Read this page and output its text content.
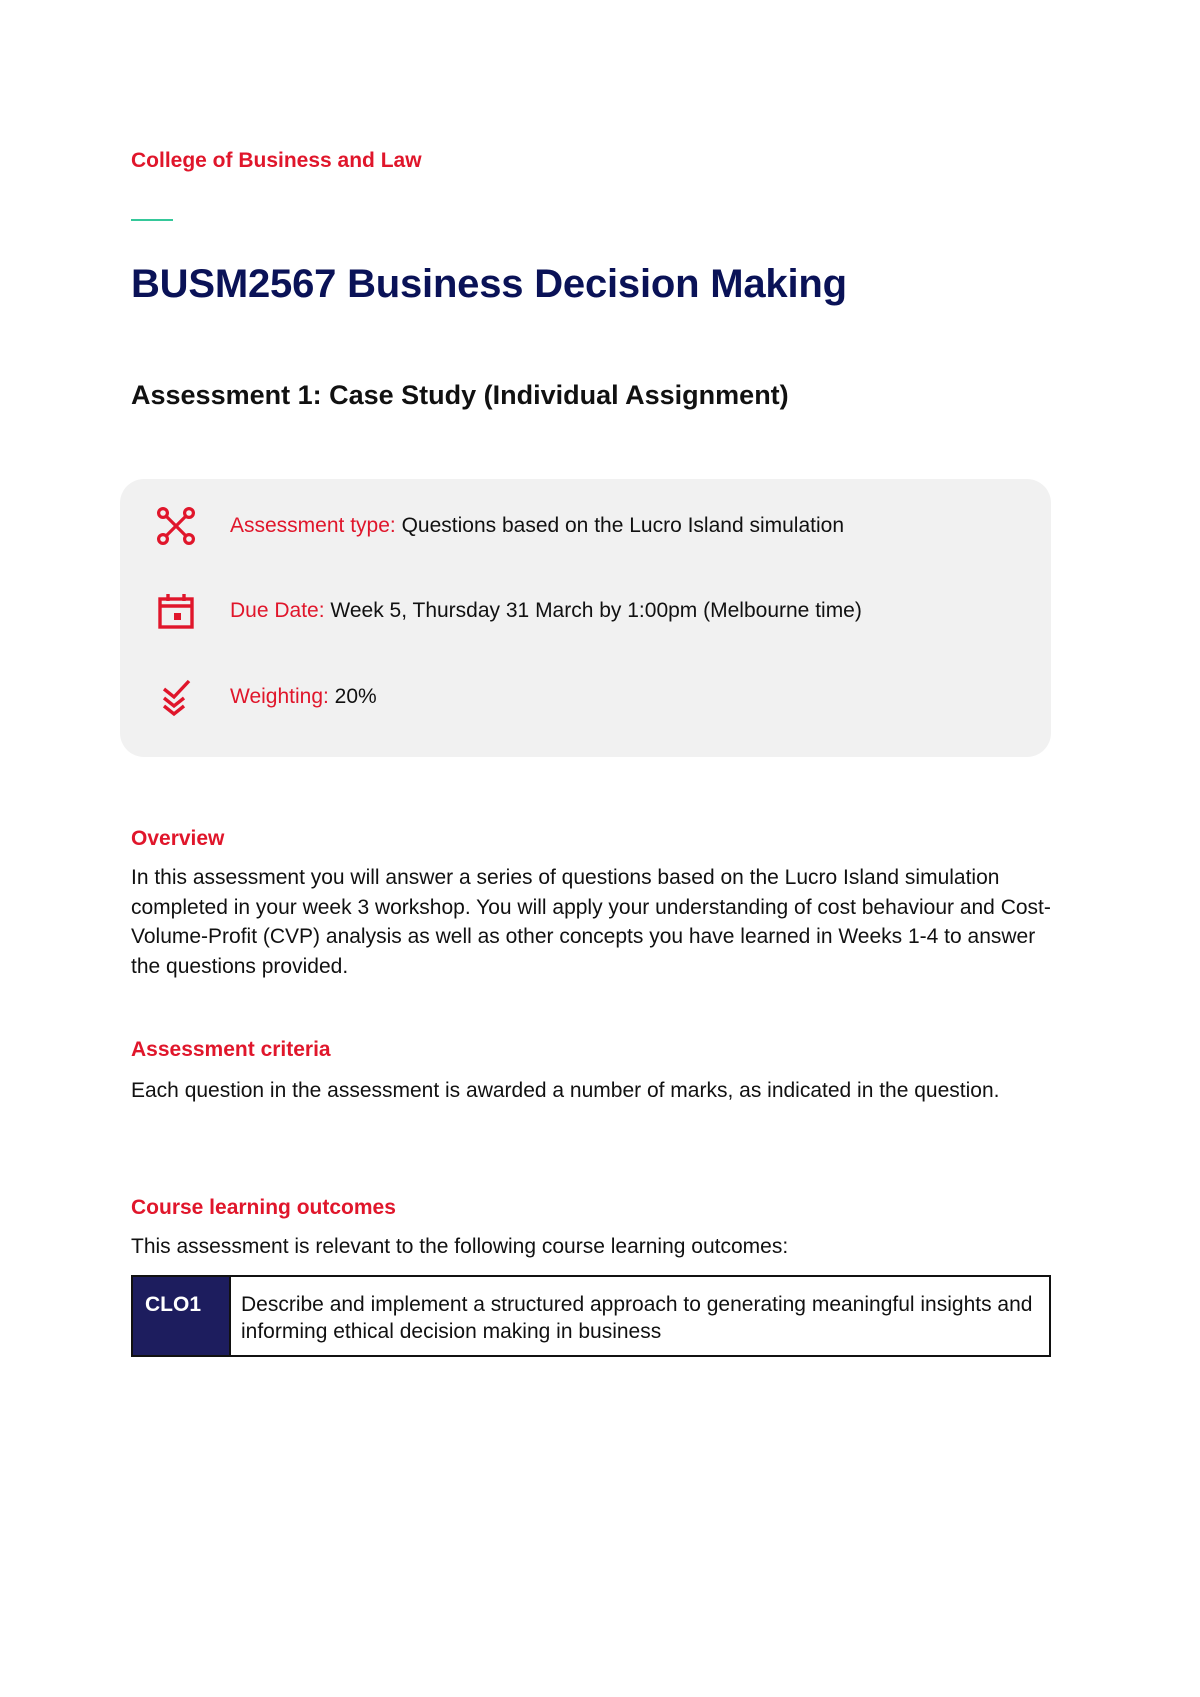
College of Business and Law
BUSM2567 Business Decision Making
Assessment 1: Case Study (Individual Assignment)
Assessment type: Questions based on the Lucro Island simulation
Due Date: Week 5, Thursday 31 March by 1:00pm (Melbourne time)
Weighting: 20%
Overview
In this assessment you will answer a series of questions based on the Lucro Island simulation completed in your week 3 workshop. You will apply your understanding of cost behaviour and Cost-Volume-Profit (CVP) analysis as well as other concepts you have learned in Weeks 1-4 to answer the questions provided.
Assessment criteria
Each question in the assessment is awarded a number of marks, as indicated in the question.
Course learning outcomes
This assessment is relevant to the following course learning outcomes:
CLO1	Describe and implement a structured approach to generating meaningful insights and informing ethical decision making in business
